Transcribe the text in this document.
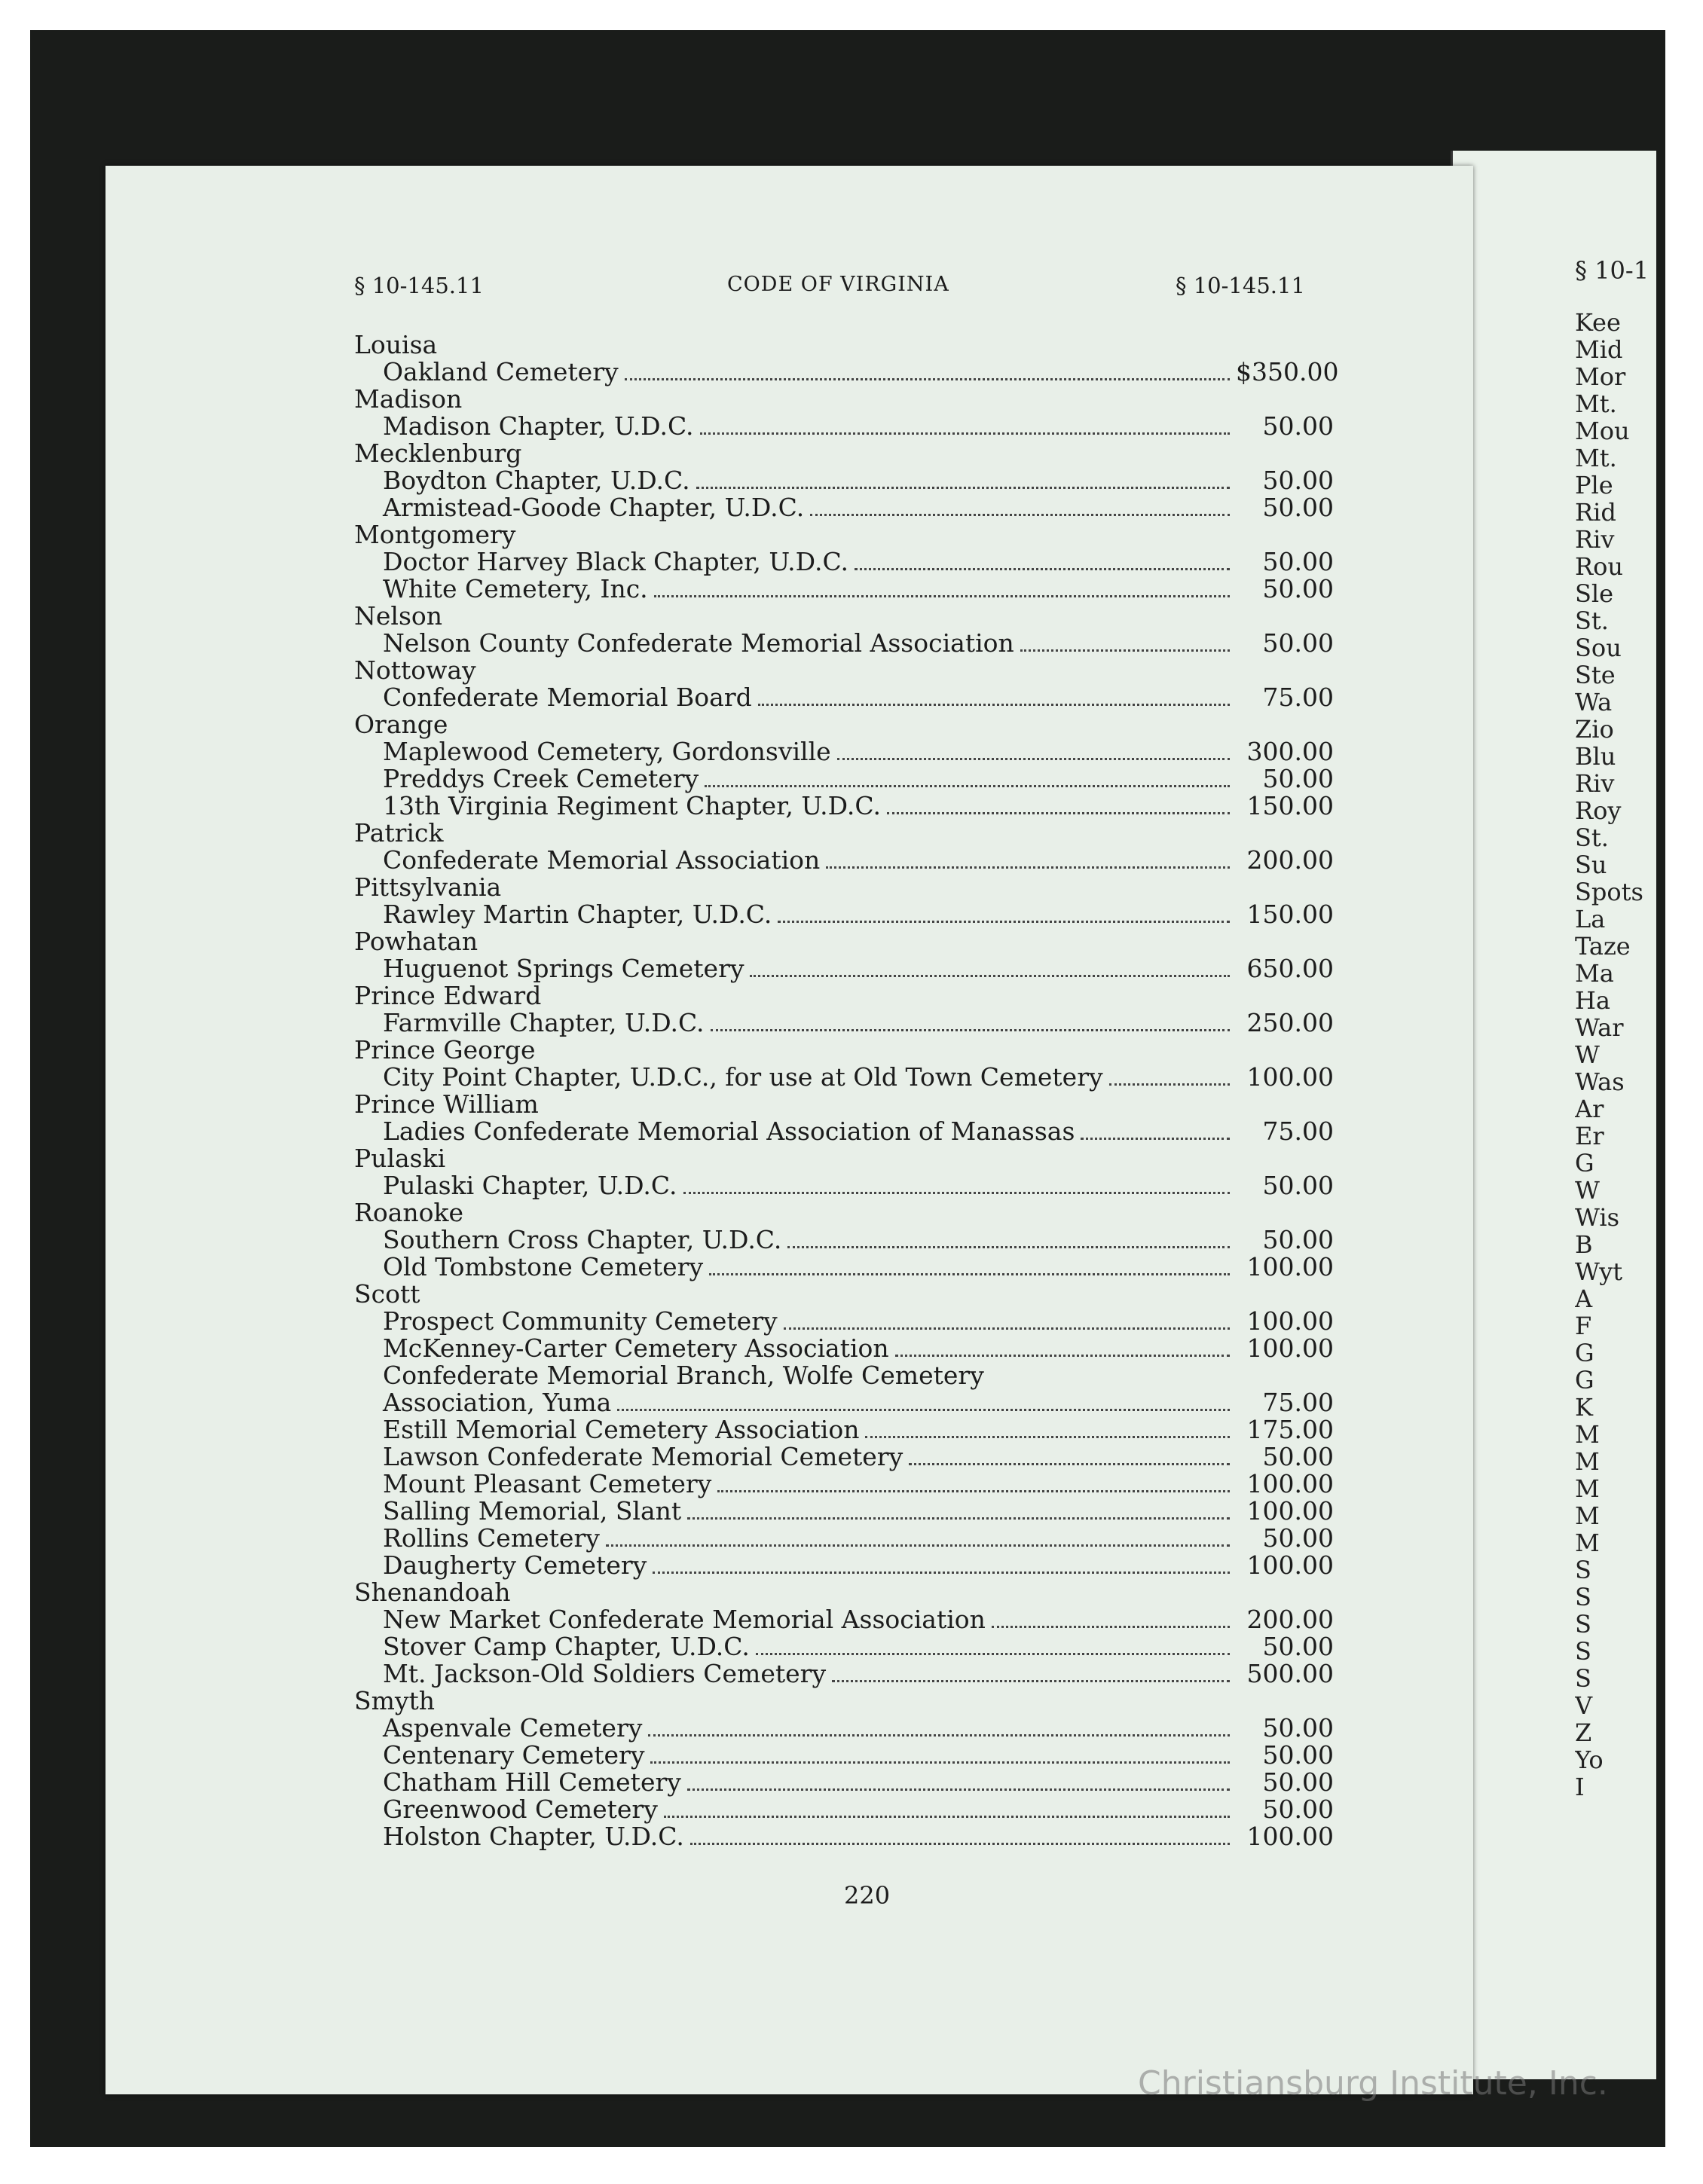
§ 10-145.11	CODE OF VIRGINIA	§ 10-145.11
Louisa
Oakland Cemetery	$350.00
Madison
Madison Chapter, U.D.C.	50.00
Mecklenburg
Boydton Chapter, U.D.C.	50.00
Armistead-Goode Chapter, U.D.C.	50.00
Montgomery
Doctor Harvey Black Chapter, U.D.C.	50.00
White Cemetery, Inc.	50.00
Nelson
Nelson County Confederate Memorial Association	50.00
Nottoway
Confederate Memorial Board	75.00
Orange
Maplewood Cemetery, Gordonsville	300.00
Preddys Creek Cemetery	50.00
13th Virginia Regiment Chapter, U.D.C.	150.00
Patrick
Confederate Memorial Association	200.00
Pittsylvania
Rawley Martin Chapter, U.D.C.	150.00
Powhatan
Huguenot Springs Cemetery	650.00
Prince Edward
Farmville Chapter, U.D.C.	250.00
Prince George
City Point Chapter, U.D.C., for use at Old Town Cemetery	100.00
Prince William
Ladies Confederate Memorial Association of Manassas	75.00
Pulaski
Pulaski Chapter, U.D.C.	50.00
Roanoke
Southern Cross Chapter, U.D.C.	50.00
Old Tombstone Cemetery	100.00
Scott
Prospect Community Cemetery	100.00
McKenney-Carter Cemetery Association	100.00
Confederate Memorial Branch, Wolfe Cemetery
Association, Yuma	75.00
Estill Memorial Cemetery Association	175.00
Lawson Confederate Memorial Cemetery	50.00
Mount Pleasant Cemetery	100.00
Salling Memorial, Slant	100.00
Rollins Cemetery	50.00
Daugherty Cemetery	100.00
Shenandoah
New Market Confederate Memorial Association	200.00
Stover Camp Chapter, U.D.C.	50.00
Mt. Jackson-Old Soldiers Cemetery	500.00
Smyth
Aspenvale Cemetery	50.00
Centenary Cemetery	50.00
Chatham Hill Cemetery	50.00
Greenwood Cemetery	50.00
Holston Chapter, U.D.C.	100.00
220
§ 10-1
Kee
Mid
Mor
Mt.
Mou
Mt.
Ple
Rid
Riv
Rou
Sle
St.
Sou
Ste
Wa
Zio
Blu
Riv
Roy
St.
Su
Spots
La
Taze
Ma
Ha
War
W
Was
Ar
Er
G
W
Wis
B
Wyt
A
F
G
G
K
M
M
M
M
M
S
S
S
S
S
V
Z
Yo
I
Christiansburg Institute, Inc.
